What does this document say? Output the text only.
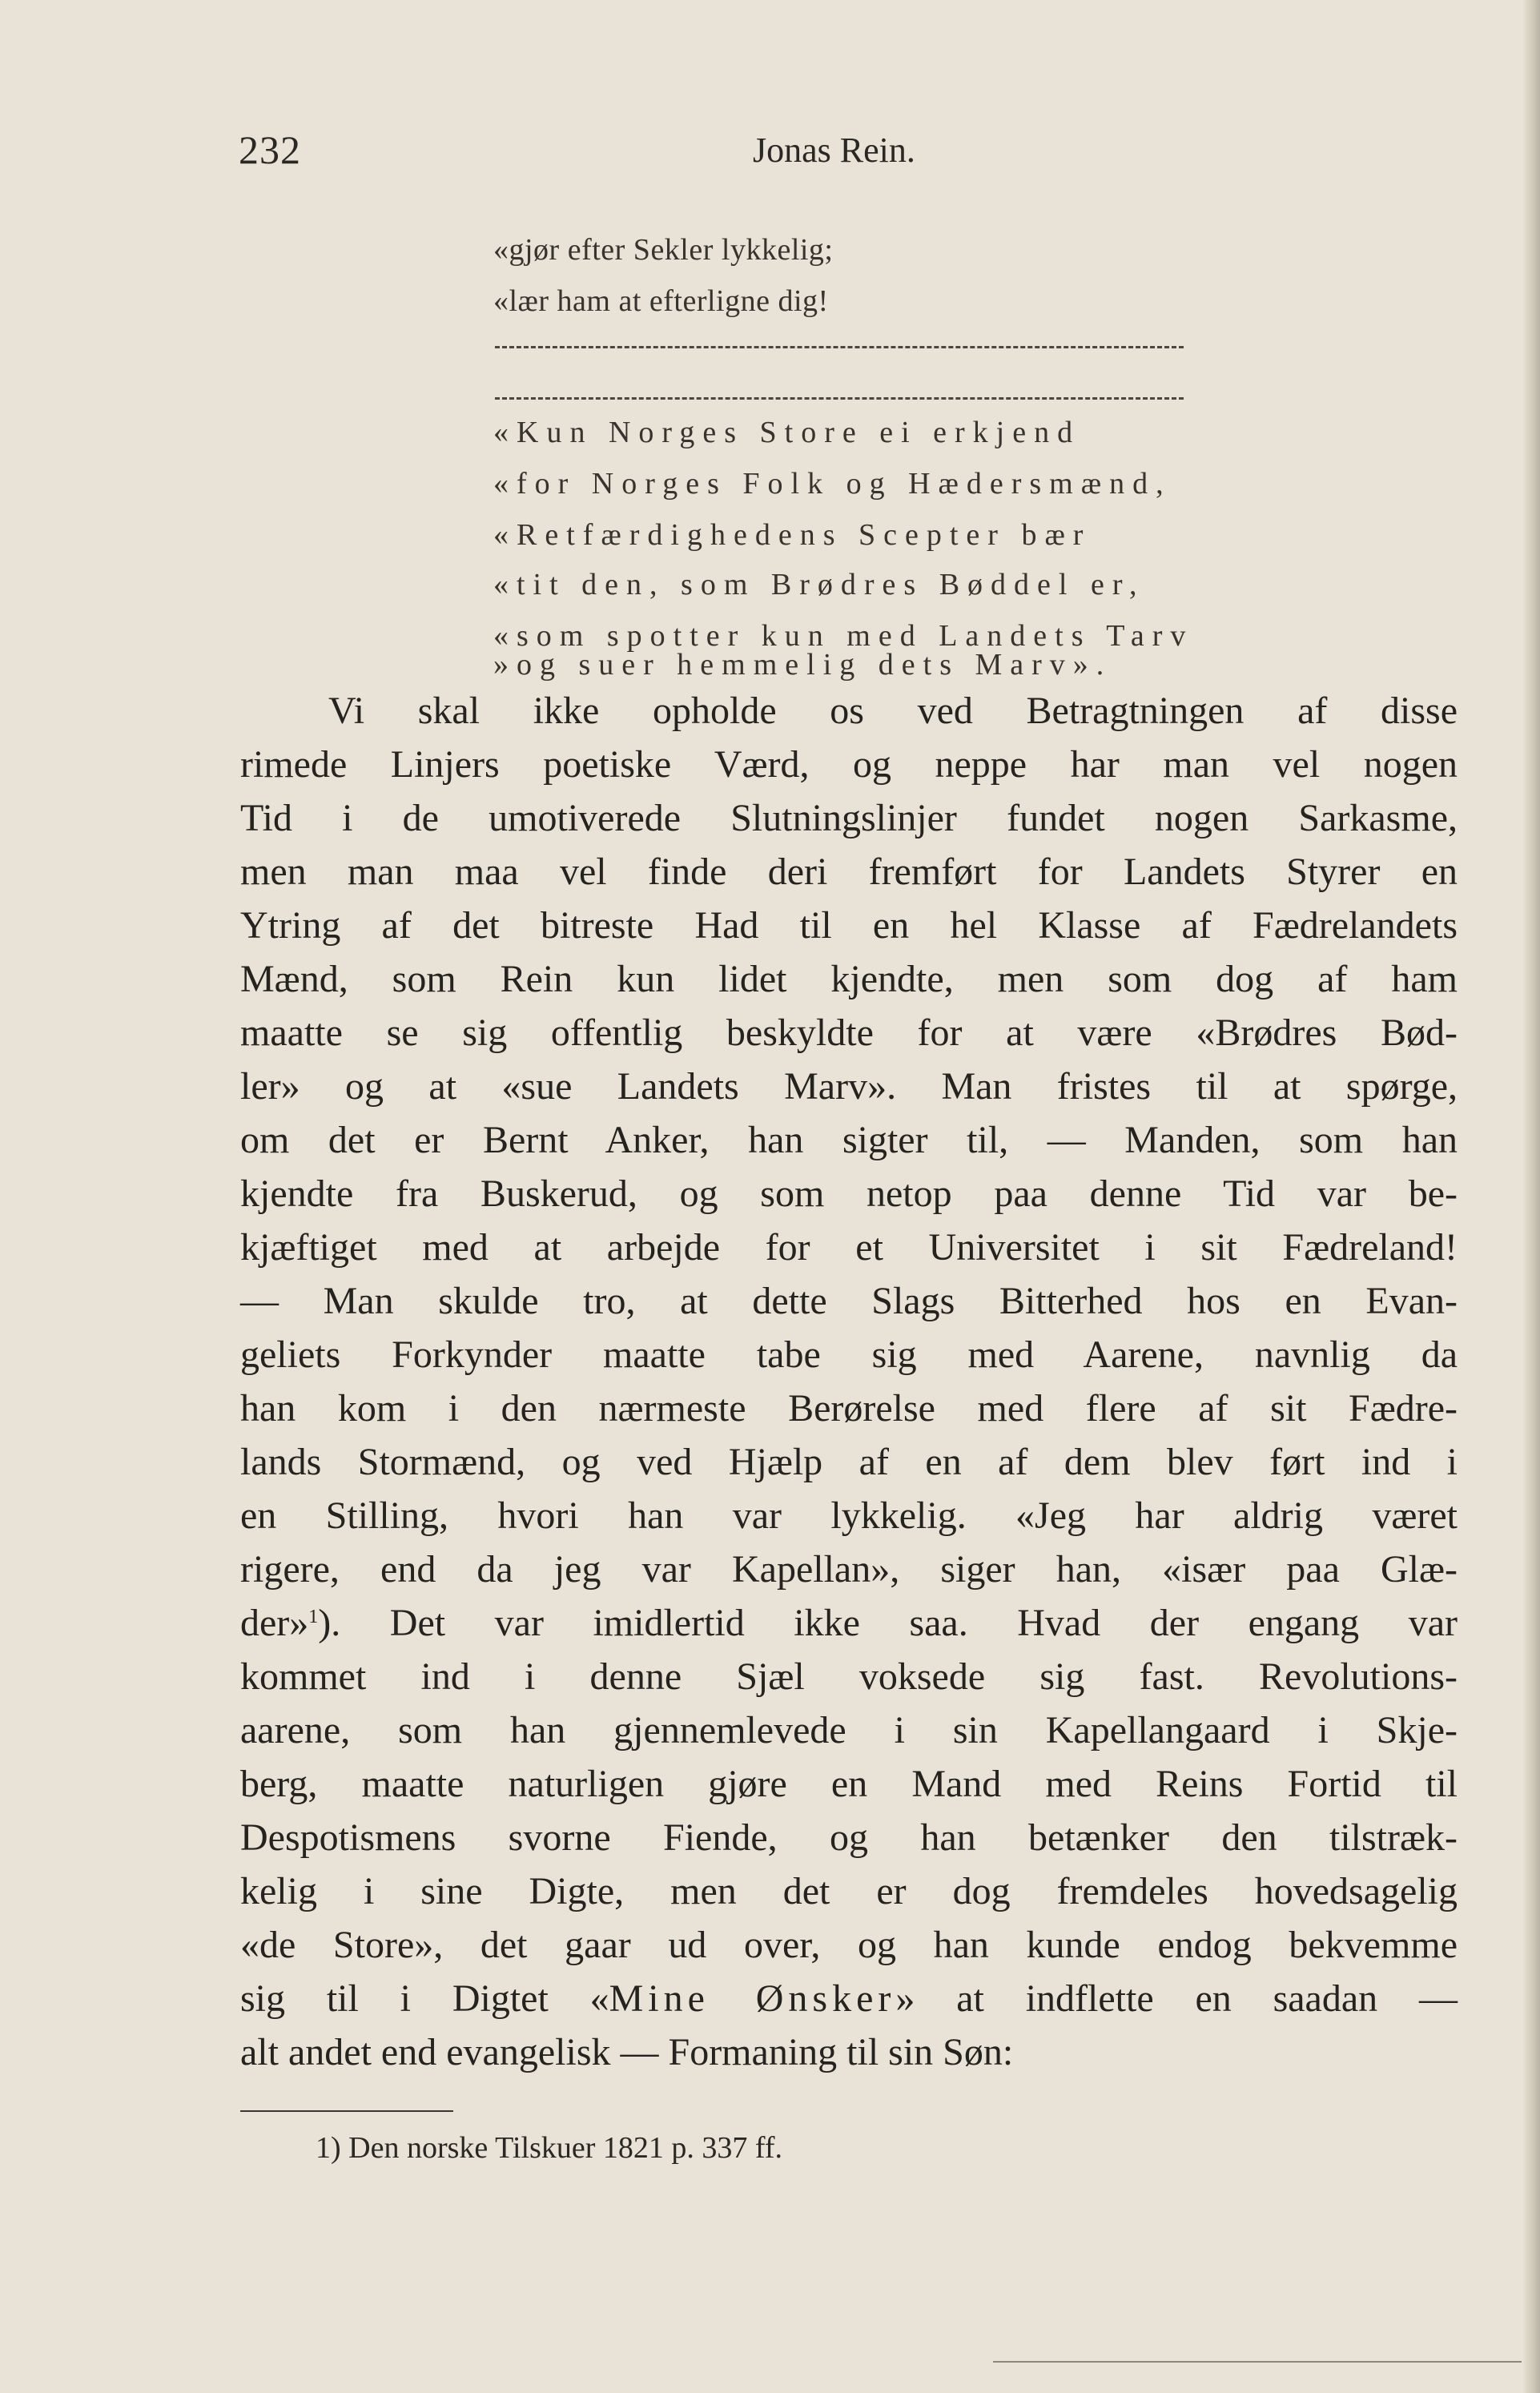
232	Jonas Rein.
«gjør efter Sekler lykkelig;
«lær ham at efterligne dig!
«Kun Norges Store ei erkjend
«for Norges Folk og Hædersmænd,
«Retfærdighedens Scepter bær
«tit den, som Brødres Bøddel er,
«som spotter kun med Landets Tarv
»og suer hemmelig dets Marv».
Vi skal ikke opholde os ved Betragtningen af disse
rimede Linjers poetiske Værd, og neppe har man vel nogen
Tid i de umotiverede Slutningslinjer fundet nogen Sarkasme,
men man maa vel finde deri fremført for Landets Styrer en
Ytring af det bitreste Had til en hel Klasse af Fædrelandets
Mænd, som Rein kun lidet kjendte, men som dog af ham
maatte se sig offentlig beskyldte for at være «Brødres Bød-
ler» og at «sue Landets Marv». Man fristes til at spørge,
om det er Bernt Anker, han sigter til, — Manden, som han
kjendte fra Buskerud, og som netop paa denne Tid var be-
kjæftiget med at arbejde for et Universitet i sit Fædreland!
— Man skulde tro, at dette Slags Bitterhed hos en Evan-
geliets Forkynder maatte tabe sig med Aarene, navnlig da
han kom i den nærmeste Berørelse med flere af sit Fædre-
lands Stormænd, og ved Hjælp af en af dem blev ført ind i
en Stilling, hvori han var lykkelig. «Jeg har aldrig været
rigere, end da jeg var Kapellan», siger han, «især paa Glæ-
der»$^1$). Det var imidlertid ikke saa. Hvad der engang var
kommet ind i denne Sjæl voksede sig fast. Revolutions-
aarene, som han gjennemlevede i sin Kapellangaard i Skje-
berg, maatte naturligen gjøre en Mand med Reins Fortid til
Despotismens svorne Fiende, og han betænker den tilstræk-
kelig i sine Digte, men det er dog fremdeles hovedsagelig
«de Store», det gaar ud over, og han kunde endog bekvemme
sig til i Digtet «Mine Ønsker» at indflette en saadan —
alt andet end evangelisk — Formaning til sin Søn:
1) Den norske Tilskuer 1821 p. 337 ff.
